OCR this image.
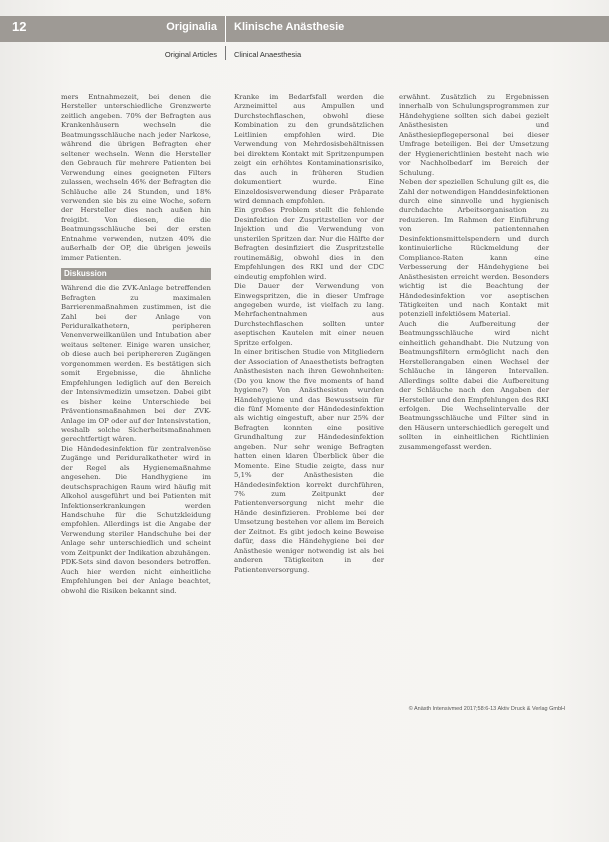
12	Originalia Klinische Anästhesie
Original Articles Clinical Anaesthesia

mers Entnahmezeit, bei denen die Hersteller unterschiedliche Grenzwerte zeitlich angeben. 70% der Befragten aus Krankenhäusern wechseln die Beatmungsschläuche nach jeder Narkose, während die übrigen Befragten eher seltener wechseln. Wenn die Hersteller den Gebrauch für mehrere Patienten bei Verwendung eines geeigneten Filters zulassen, wechseln 46% der Befragten die Schläuche alle 24 Stunden, und 18% verwenden sie bis zu eine Woche, sofern der Hersteller dies nach außen hin freigibt. Von diesen, die die Beatmungsschläuche bei der ersten Entnahme verwenden, nutzen 40% die außerhalb der OP, die übrigen jeweils immer Patienten.

Diskussion

Während die die ZVK-Anlage betreffenden Befragten zu maximalen Barrierenmaßnahmen zustimmen, ist die Zahl bei der Anlage von Periduralkathetern, peripheren Venenverweilkanülen und Intubation aber weitaus seltener. Einige waren unsicher, ob diese auch bei periphereren Zugängen vorgenommen werden. Es bestätigen sich somit Ergebnisse, die ähnliche Empfehlungen lediglich auf den Bereich der Intensivmedizin umsetzen. Dabei gibt es bisher keine Unterschiede bei Präventionsmaßnahmen bei der ZVK-Anlage im OP oder auf der Intensivstation, weshalb solche Sicherheitsmaßnahmen gerechtfertigt wären.

Die Händedesinfektion für zentralvenöse Zugänge und Periduralkatheter wird in der Regel als Hygienemaßnahme angesehen. Die Handhygiene im deutschsprachigen Raum wird häufig mit Alkohol ausgeführt und bei Patienten mit Infektionserkrankungen werden Handschuhe für die Schutzkleidung empfohlen. Allerdings ist die Angabe der Verwendung steriler Handschuhe bei der Anlage sehr unterschiedlich und scheint vom Zeitpunkt der Indikation abzuhängen.

PDK-Sets sind davon besonders betroffen. Auch hier werden nicht einheitliche Empfehlungen bei der Anlage beachtet, obwohl die Risiken bekannt sind.

Kranke im Bedarfsfall werden die Arzneimittel aus Ampullen und Durchstechflaschen, obwohl diese Kombination zu den grundsätzlichen Leitlinien empfohlen wird. Die Verwendung von Mehrdosisbehältnissen bei direktem Kontakt mit Spritzenpumpen zeigt ein erhöhtes Kontaminationsrisiko, das auch in früheren Studien dokumentiert wurde. Eine Einzeldosisverwendung dieser Präparate wird demnach empfohlen.

Ein großes Problem stellt die fehlende Desinfektion der Zuspritzstellen vor der Injektion und die Verwendung von unsterilen Spritzen dar. Nur die Hälfte der Befragten desinfiziert die Zuspritzstelle routinemäßig, obwohl dies in den Empfehlungen des RKI und der CDC eindeutig empfohlen wird.

Die Dauer der Verwendung von Einwegspritzen, die in dieser Umfrage angegeben wurde, ist vielfach zu lang. Mehrfachentnahmen aus Durchstechflaschen sollten unter aseptischen Kautelen mit einer neuen Spritze erfolgen.

In einer britischen Studie von Mitgliedern der Association of Anaesthetists befragten Anästhesisten nach ihren Gewohnheiten: (Do you know the five moments of hand hygiene?) Von Anästhesisten wurden Händehygiene und das Bewusstsein für die fünf Momente der Händedesinfektion als wichtig eingestuft, aber nur 25% der Befragten konnten eine positive Grundhaltung zur Händedesinfektion angeben. Nur sehr wenige Befragten hatten einen klaren Überblick über die Momente. Eine Studie zeigte, dass nur 5,1% der Anästhesisten die Händedesinfektion korrekt durchführen, 7% zum Zeitpunkt der Patientenversorgung nicht mehr die Hände desinfizieren. Probleme bei der Umsetzung bestehen vor allem im Bereich der Zeitnot. Es gibt jedoch keine Beweise dafür, dass die Händehygiene bei der Anästhesie weniger notwendig ist als bei anderen Tätigkeiten in der Patientenversorgung.

erwähnt. Zusätzlich zu Ergebnissen innerhalb von Schulungsprogrammen zur Händehygiene sollten sich dabei gezielt Anästhesisten und Anästhesiepflegepersonal bei dieser Umfrage beteiligen. Bei der Umsetzung der Hygienerichtlinien besteht nach wie vor Nachholbedarf im Bereich der Schulung.

Neben der speziellen Schulung gilt es, die Zahl der notwendigen Handdesinfektionen durch eine sinnvolle und hygienisch durchdachte Arbeitsorganisation zu reduzieren. Im Rahmen der Einführung von patientennahen Desinfektionsmittelspendern und durch kontinuierliche Rückmeldung der Compliance-Raten kann eine Verbesserung der Händehygiene bei Anästhesisten erreicht werden. Besonders wichtig ist die Beachtung der Händedesinfektion vor aseptischen Tätigkeiten und nach Kontakt mit potenziell infektiösem Material.

Auch die Aufbereitung der Beatmungsschläuche wird nicht einheitlich gehandhabt. Die Nutzung von Beatmungsfiltern ermöglicht nach den Herstellerangaben einen Wechsel der Schläuche in längeren Intervallen. Allerdings sollte dabei die Aufbereitung der Schläuche nach den Angaben der Hersteller und den Empfehlungen des RKI erfolgen. Die Wechselintervalle der Beatmungsschläuche und Filter sind in den Häusern unterschiedlich geregelt und sollten in einheitlichen Richtlinien zusammengefasst werden.

© Anästh Intensivmed 2017;58:6-13 Aktiv Druck & Verlag GmbH
